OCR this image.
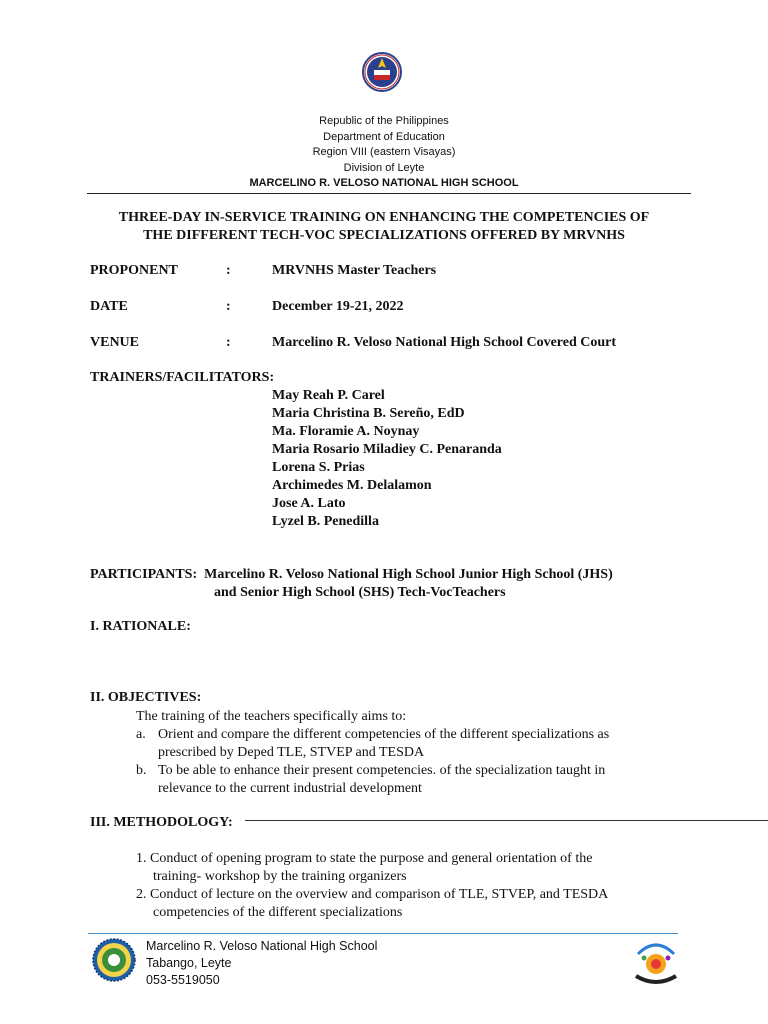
Republic of the Philippines
Department of Education
Region VIII (eastern Visayas)
Division of Leyte
MARCELINO R. VELOSO NATIONAL HIGH SCHOOL
THREE-DAY IN-SERVICE TRAINING ON ENHANCING THE COMPETENCIES OF
THE DIFFERENT TECH-VOC SPECIALIZATIONS OFFERED BY MRVNHS
PROPONENT	:	MRVNHS Master Teachers
DATE	:	December 19-21, 2022
VENUE	:	Marcelino R. Veloso National High School Covered Court
TRAINERS/FACILITATORS:
May Reah P. Carel
Maria Christina B. Sereño, EdD
Ma. Floramie A. Noynay
Maria Rosario Miladiey C. Penaranda
Lorena S. Prias
Archimedes M. Delalamon
Jose A. Lato
Lyzel B. Penedilla
PARTICIPANTS:  Marcelino R. Veloso National High School Junior High School (JHS)
and Senior High School (SHS) Tech-VocTeachers
I. RATIONALE:
II. OBJECTIVES:
The training of the teachers specifically aims to:
a. Orient and compare the different competencies of the different specializations as
prescribed by Deped TLE, STVEP and TESDA
b. To be able to enhance their present competencies. of the specialization taught in
relevance to the current industrial development
III. METHODOLOGY:
1. Conduct of opening program to state the purpose and general orientation of the
training- workshop by the training organizers
2. Conduct of lecture on the overview and comparison of TLE, STVEP, and TESDA
competencies of the different specializations
Marcelino R. Veloso National High School
Tabango, Leyte
053-5519050
